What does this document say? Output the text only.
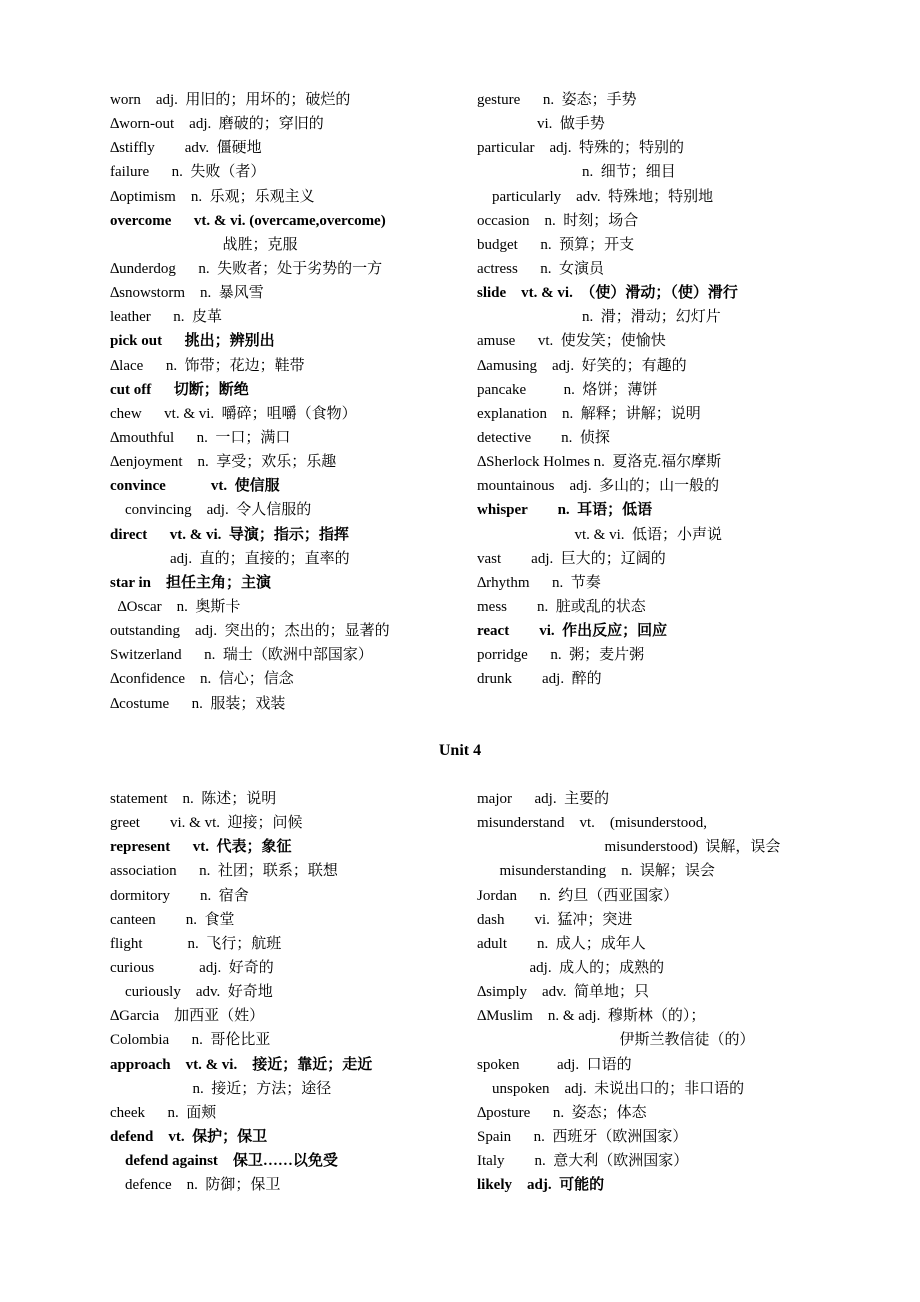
worn    adj.  用旧的；用坏的；破烂的
∆worn-out    adj.  磨破的；穿旧的
∆stiffly        adv.  僵硬地
failure      n.  失败（者）
∆optimism    n.  乐观；乐观主义
overcome      vt. & vi. (overcame,overcome)
战胜；克服
∆underdog      n.  失败者；处于劣势的一方
∆snowstorm    n.  暴风雪
leather      n.  皮革
pick out      挑出；辨别出
∆lace      n.  饰带；花边；鞋带
cut off      切断；断绝
chew      vt. & vi.  嚼碎；咀嚼（食物）
∆mouthful      n.  一口；满口
∆enjoyment    n.  享受；欢乐；乐趣
convince            vt.  使信服
convincing    adj.  令人信服的
direct      vt. & vi.  导演；指示；指挥
adj.  直的；直接的；直率的
star in    担任主角；主演
∆Oscar    n.  奥斯卡
outstanding    adj.  突出的；杰出的；显著的
Switzerland      n.  瑞士（欧洲中部国家）
∆confidence    n.  信心；信念
∆costume      n.  服装；戏装
gesture      n.  姿态；手势
vi.  做手势
particular    adj.  特殊的；特别的
n.  细节；细目
particularly    adv.  特殊地；特别地
occasion    n.  时刻；场合
budget      n.  预算；开支
actress      n.  女演员
slide    vt. & vi.  （使）滑动；（使）滑行
n.  滑；滑动；幻灯片
amuse      vt.  使发笑；使愉快
∆amusing    adj.  好笑的；有趣的
pancake          n.  烙饼；薄饼
explanation    n.  解释；讲解；说明
detective        n.  侦探
∆Sherlock Holmes n.  夏洛克.福尔摩斯
mountainous    adj.  多山的；山一般的
whisper        n.  耳语；低语
vt. & vi.  低语；小声说
vast        adj.  巨大的；辽阔的
∆rhythm      n.  节奏
mess        n.  脏或乱的状态
react        vi.  作出反应；回应
porridge      n.  粥；麦片粥
drunk        adj.  醉的
Unit 4
statement    n.  陈述；说明
greet        vi. & vt.  迎接；问候
represent      vt.  代表；象征
association      n.  社团；联系；联想
dormitory        n.  宿舍
canteen        n.  食堂
flight            n.  飞行；航班
curious            adj.  好奇的
curiously    adv.  好奇地
∆Garcia    加西亚（姓）
Colombia      n.  哥伦比亚
approach    vt. & vi.    接近；靠近；走近
n.  接近；方法；途径
cheek      n.  面颊
defend    vt.  保护；保卫
defend against    保卫……以免受
defence    n.  防御；保卫
major      adj.  主要的
misunderstand    vt.    (misunderstood,
misunderstood)  误解，误会
misunderstanding    n.  误解；误会
Jordan      n.  约旦（西亚国家）
dash        vi.  猛冲；突进
adult        n.  成人；成年人
adj.  成人的；成熟的
∆simply    adv.  简单地；只
∆Muslim    n. & adj.  穆斯林（的）；
伊斯兰教信徒（的）
spoken          adj.  口语的
unspoken    adj.  未说出口的；非口语的
∆posture      n.  姿态；体态
Spain      n.  西班牙（欧洲国家）
Italy        n.  意大利（欧洲国家）
likely    adj.  可能的
